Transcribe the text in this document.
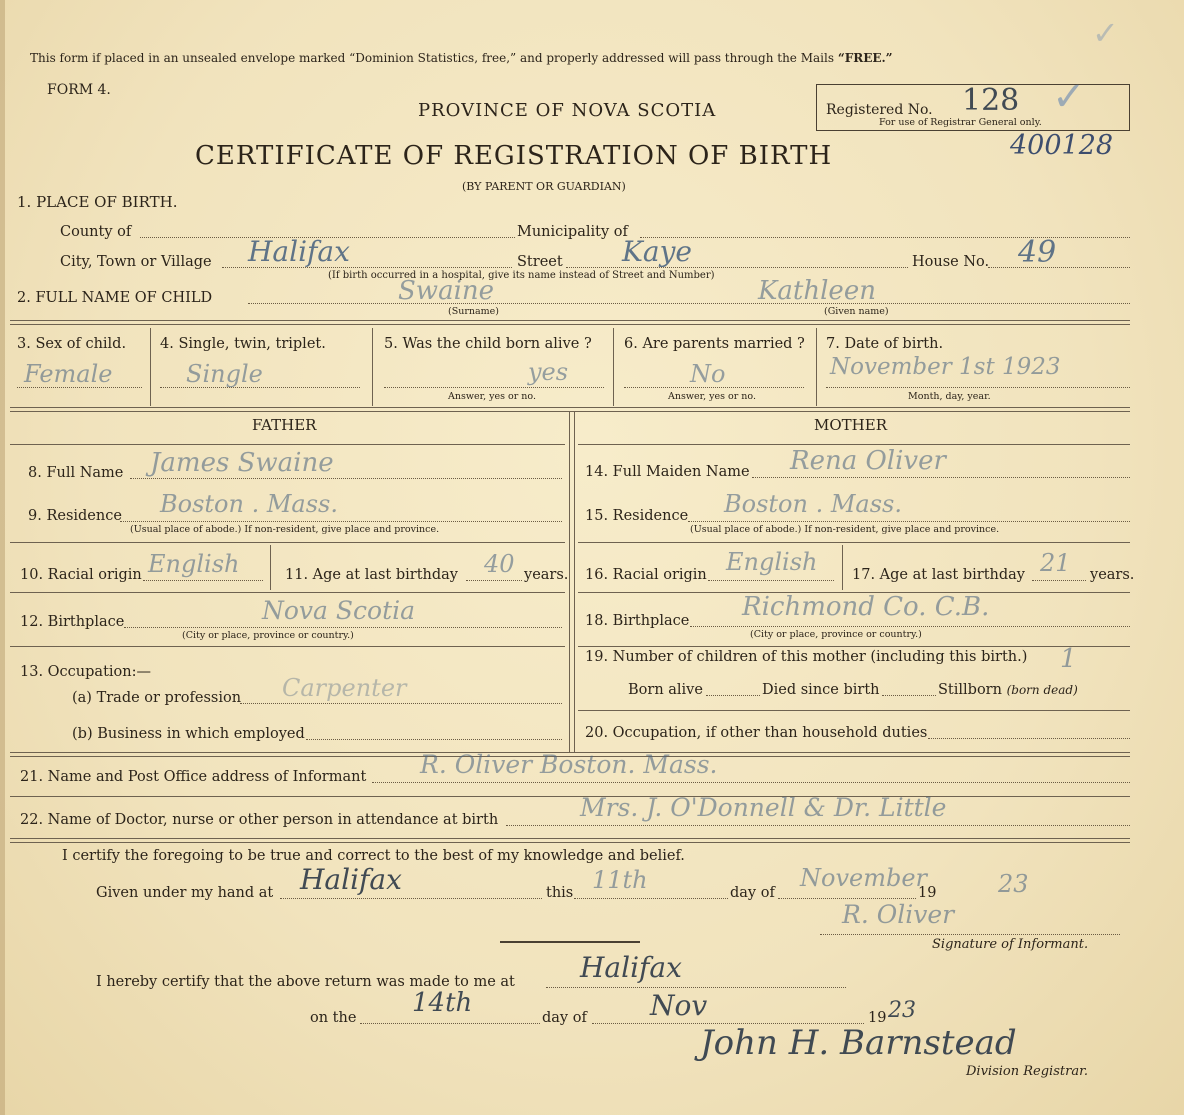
This form if placed in an unsealed envelope marked “Dominion Statistics, free,” and properly addressed will pass through the Mails “FREE.”
FORM 4.
PROVINCE OF NOVA SCOTIA
CERTIFICATE OF REGISTRATION OF BIRTH
(BY PARENT OR GUARDIAN)
Registered No. 128
For use of Registrar General only.
400128
✓
✓
1. PLACE OF BIRTH.
County of	Municipality of
City, Town or Village Halifax	Street Kaye	House No. 49
(If birth occurred in a hospital, give its name instead of Street and Number)
2. FULL NAME OF CHILD	Swaine	Kathleen
(Surname)	(Given name)
3. Sex of child.
Female
4. Single, twin, triplet.
Single
5. Was the child born alive ?
yes
Answer, yes or no.
6. Are parents married ?
No
Answer, yes or no.
7. Date of birth.
November 1st 1923
Month, day, year.
FATHER	MOTHER
8. Full Name James Swaine
9. Residence Boston . Mass.
(Usual place of abode.) If non-resident, give place and province.
10. Racial origin English	11. Age at last birthday 40 years.
12. Birthplace	Nova Scotia
(City or place, province or country.)
13. Occupation:—
(a) Trade or profession Carpenter
(b) Business in which employed
14. Full Maiden Name Rena Oliver
15. Residence Boston . Mass.
(Usual place of abode.) If non-resident, give place and province.
16. Racial origin English 17. Age at last birthday 21 years.
18. Birthplace Richmond Co. C.B.
(City or place, province or country.)
19. Number of children of this mother (including this birth.) 1
Born alive	Died since birth	Stillborn (born dead)
20. Occupation, if other than household duties
21. Name and Post Office address of Informant R. Oliver Boston. Mass.
22. Name of Doctor, nurse or other person in attendance at birth	Mrs. J. O'Donnell & Dr. Little
I certify the foregoing to be true and correct to the best of my knowledge and belief.
Given under my hand at Halifax	this 11th	day of
November
19	23
R. Oliver
Signature of Informant.
I hereby certify that the above return was made to me at Halifax
on the 14th	day of Nov	19 23
John H. Barnstead
Division Registrar.
